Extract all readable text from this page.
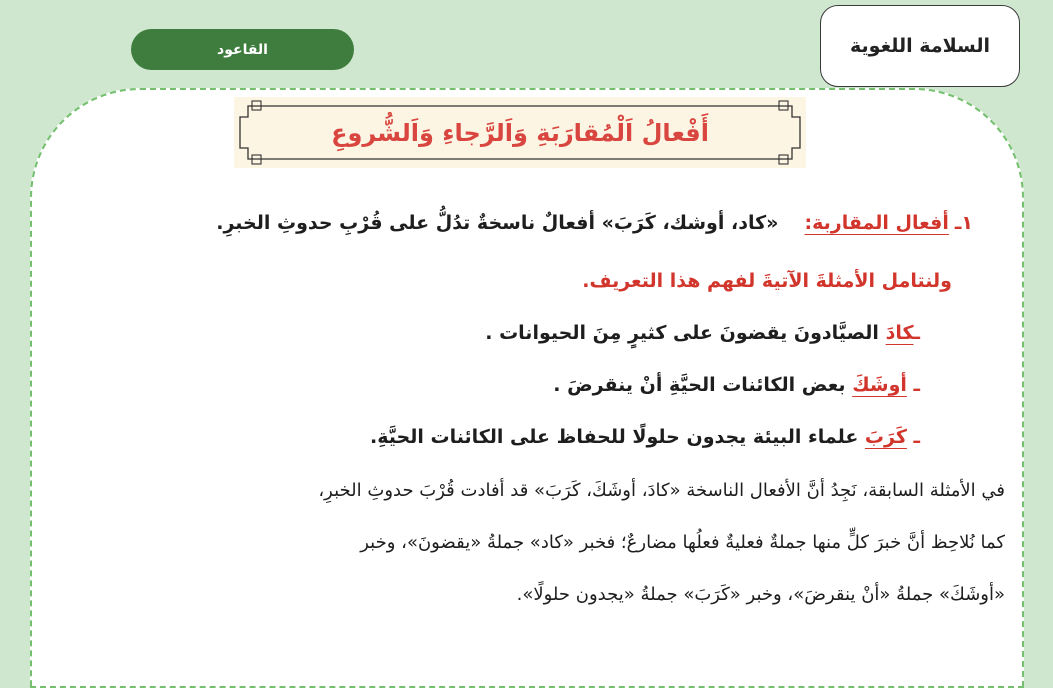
السلامة اللغوية
القاعود
أَفْعالُ اَلْمُقارَبَةِ وَاَلرَّجاءِ وَاَلشُّروعِ
١ـ أفعال المقاربة:  «كاد، أوشك، كَرَبَ» أفعالٌ ناسخةٌ تدُلُّ على قُرْبِ حدوثِ الخبرِ.
ولنتامل الأمثلةَ الآتيةَ لفهم هذا التعريف.
ـكادَ الصيَّادونَ يقضونَ على كثيرٍ مِنَ الحيوانات .
ـ أوشَكَ بعض الكائنات الحيَّةِ أنْ ينقرضَ .
ـ كَرَبَ علماء البيئة يجدون حلولًا للحفاظ على الكائنات الحيَّةِ.
في الأمثلة السابقة، نَجِدُ أنَّ الأفعال الناسخة «كادَ، أوشَكَ، كَرَبَ» قد أفادت قُرْبَ حدوثِ الخبرِ،
كما نُلاحِظ أنَّ خبرَ كلٍّ منها جملةٌ فعليةٌ فعلُها مضارعٌ؛ فخبر «كاد» جملةُ «يقضونَ»، وخبر
«أوشَكَ» جملةُ «أنْ ينقرضَ»، وخبر «كَرَبَ» جملةُ «يجدون حلولًا».
